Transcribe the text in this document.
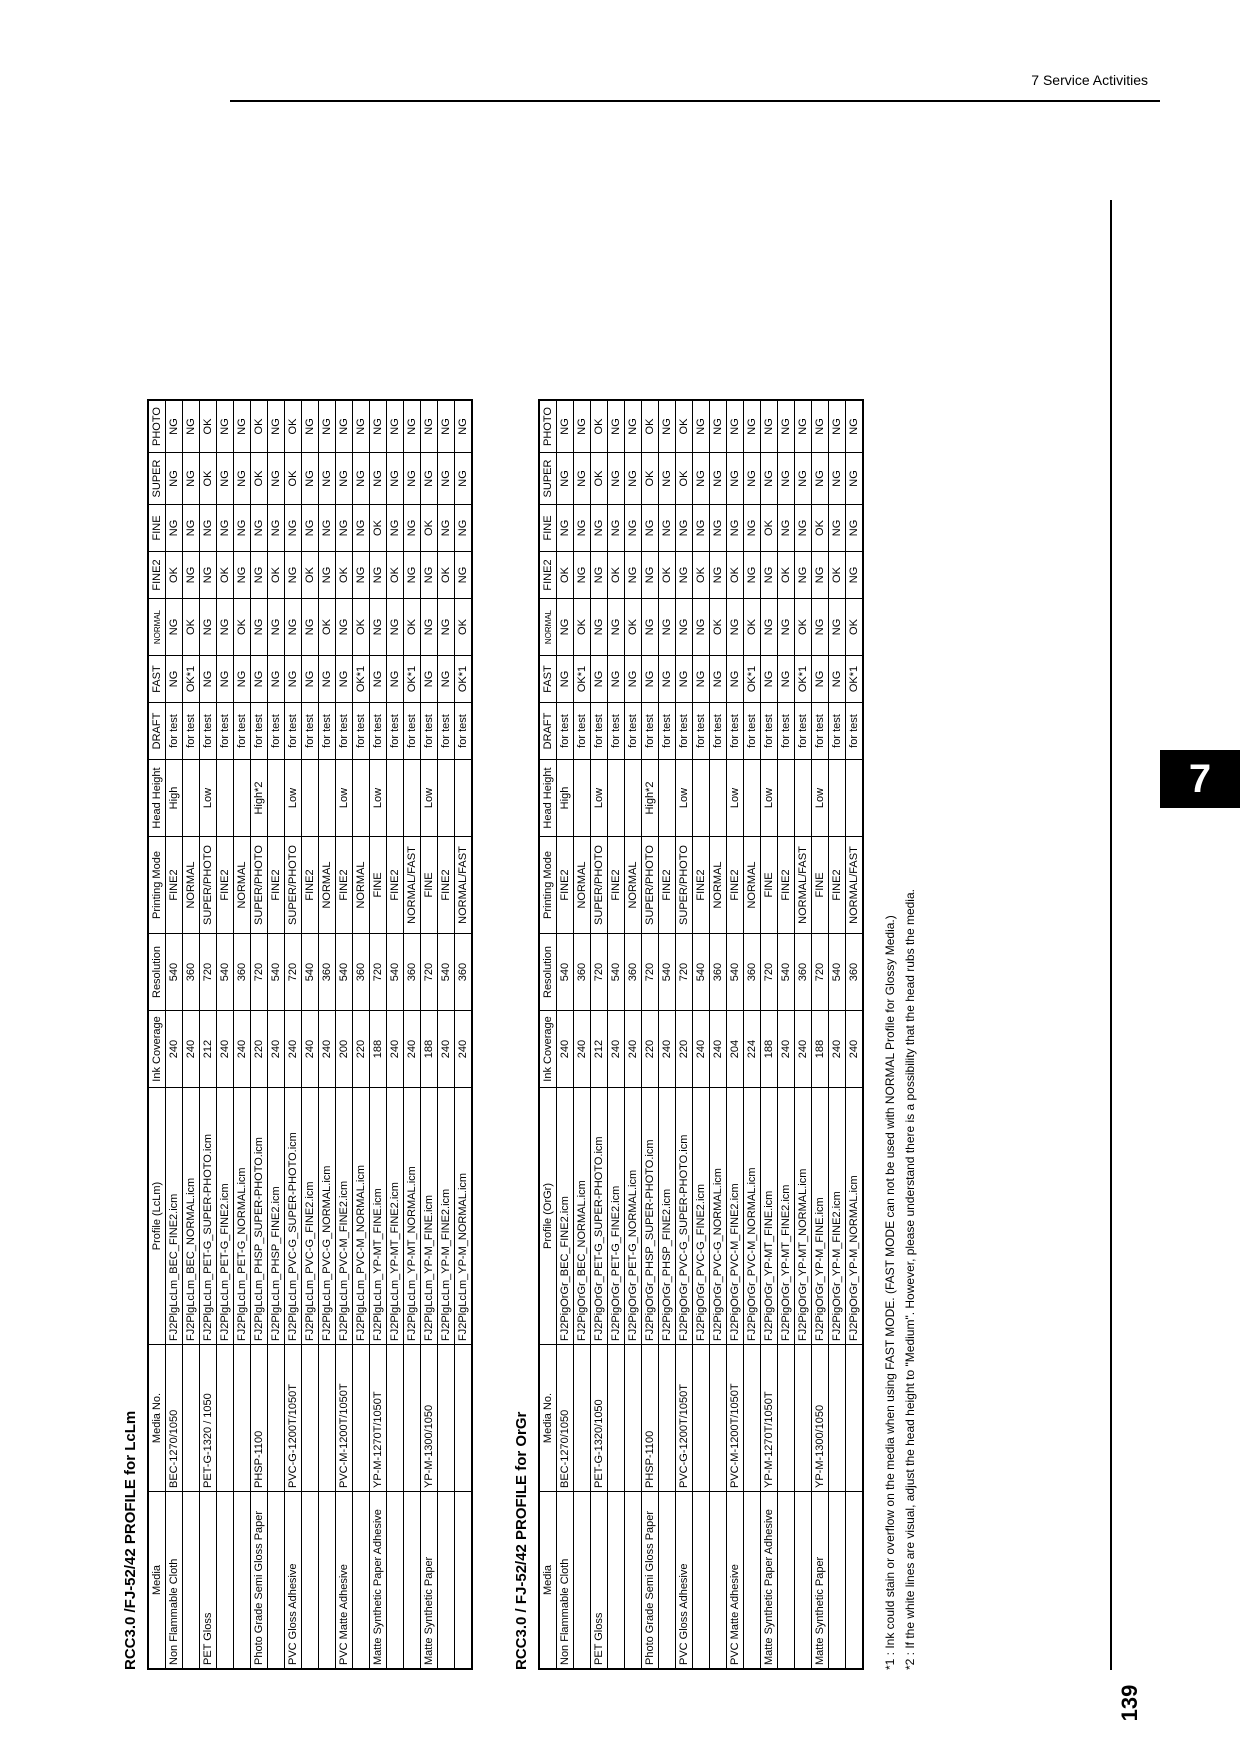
7 Service Activities
7
139
RCC3.0 /FJ-52/42 PROFILE for LcLm Media	Media No.	Profile (LcLm)	Ink Coverage	Resolution	Printing Mode	Head Height	DRAFT	FAST	NORMAL	FINE2	FINE	SUPER	PHOTO
Non Flammable Cloth	BEC-1270/1050	FJ2PlgLcLm_BEC_FINE2.icm	240	540	FINE2	High	for test	NG	NG	OK	NG	NG	NG
		FJ2PlgLcLm_BEC_NORMAL.icm	240	360	NORMAL		for test	OK*1	OK	NG	NG	NG	NG
PET Gloss	PET-G-1320 / 1050	FJ2PlgLcLm_PET-G_SUPER-PHOTO.icm	212	720	SUPER/PHOTO	Low	for test	NG	NG	NG	NG	OK	OK
		FJ2PlgLcLm_PET-G_FINE2.icm	240	540	FINE2		for test	NG	NG	OK	NG	NG	NG
		FJ2PlgLcLm_PET-G_NORMAL.icm	240	360	NORMAL		for test	NG	OK	NG	NG	NG	NG
Photo Grade Semi Gloss Paper	PHSP-1100	FJ2PlgLcLm_PHSP_SUPER-PHOTO.icm	220	720	SUPER/PHOTO	High*2	for test	NG	NG	NG	NG	OK	OK
		FJ2PlgLcLm_PHSP_FINE2.icm	240	540	FINE2		for test	NG	NG	OK	NG	NG	NG
PVC Gloss Adhesive	PVC-G-1200T/1050T	FJ2PlgLcLm_PVC-G_SUPER-PHOTO.icm	240	720	SUPER/PHOTO	Low	for test	NG	NG	NG	NG	OK	OK
		FJ2PlgLcLm_PVC-G_FINE2.icm	240	540	FINE2		for test	NG	NG	OK	NG	NG	NG
		FJ2PlgLcLm_PVC-G_NORMAL.icm	240	360	NORMAL		for test	NG	OK	NG	NG	NG	NG
PVC Matte Adhesive	PVC-M-1200T/1050T	FJ2PlgLcLm_PVC-M_FINE2.icm	200	540	FINE2	Low	for test	NG	NG	OK	NG	NG	NG
		FJ2PlgLcLm_PVC-M_NORMAL.icm	220	360	NORMAL		for test	OK*1	OK	NG	NG	NG	NG
Matte Synthetic Paper Adhesive	YP-M-1270T/1050T	FJ2PlgLcLm_YP-MT_FINE.icm	188	720	FINE	Low	for test	NG	NG	NG	OK	NG	NG
		FJ2PlgLcLm_YP-MT_FINE2.icm	240	540	FINE2		for test	NG	NG	OK	NG	NG	NG
		FJ2PlgLcLm_YP-MT_NORMAL.icm	240	360	NORMAL/FAST		for test	OK*1	OK	NG	NG	NG	NG
Matte Synthetic Paper	YP-M-1300/1050	FJ2PlgLcLm_YP-M_FINE.icm	188	720	FINE	Low	for test	NG	NG	NG	OK	NG	NG
		FJ2PlgLcLm_YP-M_FINE2.icm	240	540	FINE2		for test	NG	NG	OK	NG	NG	NG
		FJ2PlgLcLm_YP-M_NORMAL.icm	240	360	NORMAL/FAST		for test	OK*1	OK	NG	NG	NG	NG
RCC3.0 / FJ-52/42 PROFILE for OrGr Media	Media No.	Profile (OrGr)	Ink Coverage	Resolution	Printing Mode	Head Height	DRAFT	FAST	NORMAL	FINE2	FINE	SUPER	PHOTO
Non Flammable Cloth	BEC-1270/1050	FJ2PigOrGr_BEC_FINE2.icm	240	540	FINE2	High	for test	NG	NG	OK	NG	NG	NG
		FJ2PigOrGr_BEC_NORMAL.icm	240	360	NORMAL		for test	OK*1	OK	NG	NG	NG	NG
PET Gloss	PET-G-1320/1050	FJ2PigOrGr_PET-G_SUPER-PHOTO.icm	212	720	SUPER/PHOTO	Low	for test	NG	NG	NG	NG	OK	OK
		FJ2PigOrGr_PET-G_FINE2.icm	240	540	FINE2		for test	NG	NG	OK	NG	NG	NG
		FJ2PigOrGr_PET-G_NORMAL.icm	240	360	NORMAL		for test	NG	OK	NG	NG	NG	NG
Photo Grade Semi Gloss Paper	PHSP-1100	FJ2PigOrGr_PHSP_SUPER-PHOTO.icm	220	720	SUPER/PHOTO	High*2	for test	NG	NG	NG	NG	OK	OK
		FJ2PigOrGr_PHSP_FINE2.icm	240	540	FINE2		for test	NG	NG	OK	NG	NG	NG
PVC Gloss Adhesive	PVC-G-1200T/1050T	FJ2PigOrGr_PVC-G_SUPER-PHOTO.icm	220	720	SUPER/PHOTO	Low	for test	NG	NG	NG	NG	OK	OK
		FJ2PigOrGr_PVC-G_FINE2.icm	240	540	FINE2		for test	NG	NG	OK	NG	NG	NG
		FJ2PigOrGr_PVC-G_NORMAL.icm	240	360	NORMAL		for test	NG	OK	NG	NG	NG	NG
PVC Matte Adhesive	PVC-M-1200T/1050T	FJ2PigOrGr_PVC-M_FINE2.icm	204	540	FINE2	Low	for test	NG	NG	OK	NG	NG	NG
		FJ2PigOrGr_PVC-M_NORMAL.icm	224	360	NORMAL		for test	OK*1	OK	NG	NG	NG	NG
Matte Synthetic Paper Adhesive	YP-M-1270T/1050T	FJ2PigOrGr_YP-MT_FINE.icm	188	720	FINE	Low	for test	NG	NG	NG	OK	NG	NG
		FJ2PigOrGr_YP-MT_FINE2.icm	240	540	FINE2		for test	NG	NG	OK	NG	NG	NG
		FJ2PigOrGr_YP-MT_NORMAL.icm	240	360	NORMAL/FAST		for test	OK*1	OK	NG	NG	NG	NG
Matte Synthetic Paper	YP-M-1300/1050	FJ2PigOrGr_YP-M_FINE.icm	188	720	FINE	Low	for test	NG	NG	NG	OK	NG	NG
		FJ2PigOrGr_YP-M_FINE2.icm	240	540	FINE2		for test	NG	NG	OK	NG	NG	NG
		FJ2PigOrGr_YP-M_NORMAL.icm	240	360	NORMAL/FAST		for test	OK*1	OK	NG	NG	NG	NG
*1 : Ink could stain or overflow on the media when using FAST MODE. (FAST MODE can not be used with NORMAL Profile for Glossy Media.) *2 : If the white lines are visual, adjust the head height to "Medium". However, please understand there is a possibility that the head rubs the media.
